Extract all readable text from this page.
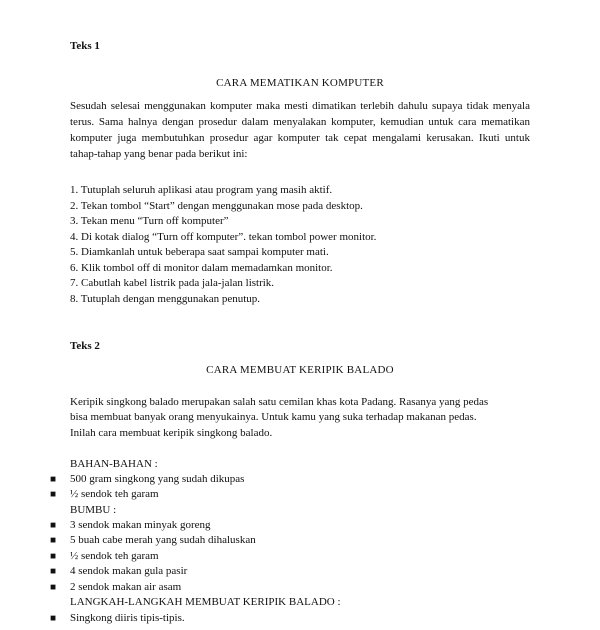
Teks 1
CARA MEMATIKAN KOMPUTER
Sesudah selesai menggunakan komputer maka mesti dimatikan terlebih dahulu supaya tidak menyala terus. Sama halnya dengan prosedur dalam menyalakan komputer, kemudian untuk cara mematikan komputer juga membutuhkan prosedur agar komputer tak cepat mengalami kerusakan. Ikuti untuk tahap-tahap yang benar pada berikut ini:
1. Tutuplah seluruh aplikasi atau program yang masih aktif.
2. Tekan tombol “Start” dengan menggunakan mose pada desktop.
3. Tekan menu “Turn off komputer”
4. Di kotak dialog “Turn off komputer”. tekan tombol power monitor.
5. Diamkanlah untuk beberapa saat sampai komputer mati.
6. Klik tombol off di monitor dalam memadamkan monitor.
7. Cabutlah kabel listrik pada jala-jalan listrik.
8. Tutuplah dengan menggunakan penutup.
Teks 2
CARA MEMBUAT KERIPIK BALADO
Keripik singkong balado merupakan salah satu cemilan khas kota Padang. Rasanya yang pedas
bisa membuat banyak orang menyukainya. Untuk kamu yang suka terhadap makanan pedas.
Inilah cara membuat keripik singkong balado.
BAHAN-BAHAN :
■ 500 gram singkong yang sudah dikupas
■ ½ sendok teh garam
BUMBU :
■ 3 sendok makan minyak goreng
■ 5 buah cabe merah yang sudah dihaluskan
■ ½ sendok teh garam
■ 4 sendok makan gula pasir
■ 2 sendok makan air asam
LANGKAH-LANGKAH MEMBUAT KERIPIK BALADO :
■ Singkong diiris tipis-tipis.
